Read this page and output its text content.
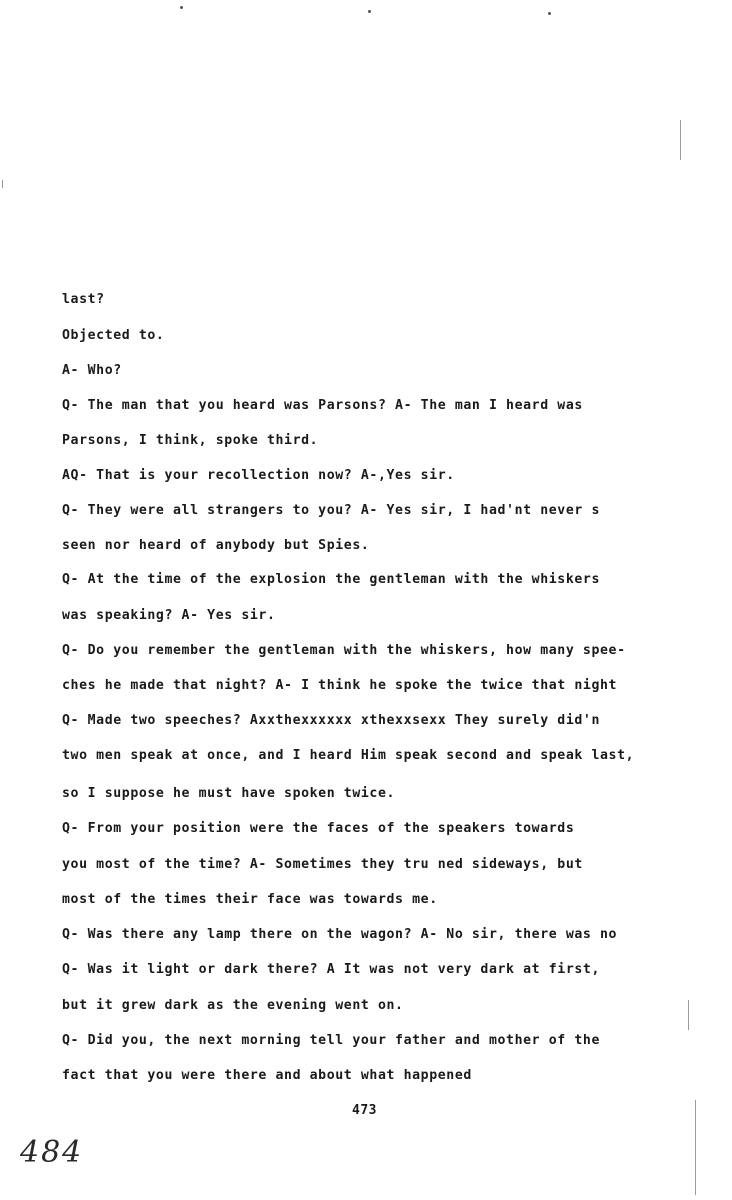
last?
Objected to.
A- Who?
Q- The man that you heard was Parsons? A- The man I heard was
Parsons, I think, spoke third.
AQ- That is your recollection now? A-,Yes sir.
Q- They were all strangers to you? A- Yes sir, I had'nt never s
seen nor heard of anybody but Spies.
Q- At the time of the explosion the gentleman with the whiskers
was speaking? A- Yes sir.
Q- Do you remember the gentleman with the whiskers, how many spee-
ches he made that night? A- I think he spoke the twice that night
Q- Made two speeches? Axxthexxxxxx xthexxsexx They surely did'n
two men speak at once, and I heard Him speak second and speak last,
so I suppose he must have spoken twice.
Q- From your position were the faces of the speakers towards
you most of the time? A- Sometimes they tru ned sideways, but
most of the times their face was towards me.
Q- Was there any lamp there on the wagon? A- No sir, there was no
Q- Was it light or dark there? A It was not very dark at first,
but it grew dark as the evening went on.
Q- Did you, the next morning tell your father and mother of the
fact that you were there and about what happened
473
484
